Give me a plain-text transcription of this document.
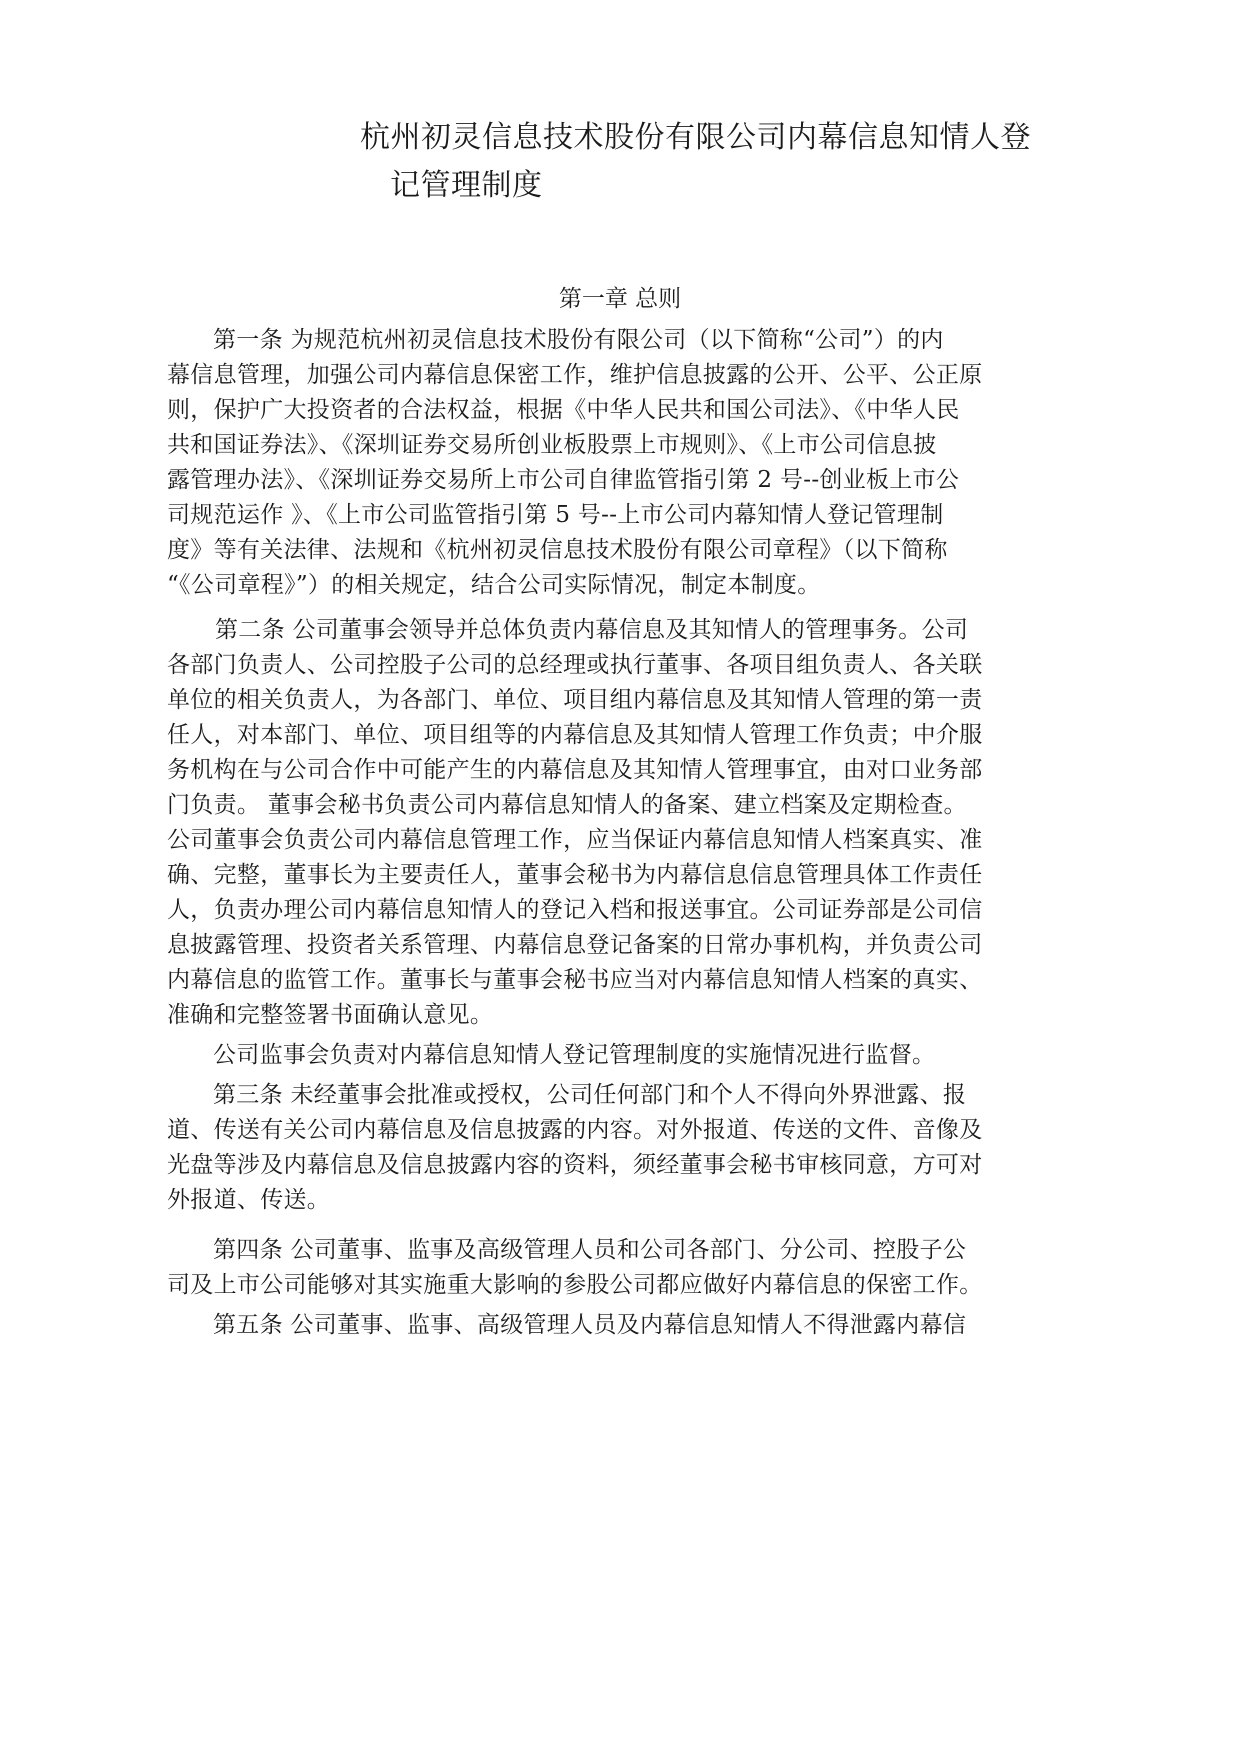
杭州初灵信息技术股份有限公司内幕信息知情人登
记管理制度
第一章 总则
第一条 为规范杭州初灵信息技术股份有限公司（以下简称“公司”）的内
幕信息管理，加强公司内幕信息保密工作，维护信息披露的公开、公平、公正原
则，保护广大投资者的合法权益，根据《中华人民共和国公司法》、《中华人民
共和国证券法》、《深圳证券交易所创业板股票上市规则》、《上市公司信息披
露管理办法》、《深圳证券交易所上市公司自律监管指引第 2 号--创业板上市公
司规范运作 》、《上市公司监管指引第 5 号--上市公司内幕知情人登记管理制
度》等有关法律、法规和《杭州初灵信息技术股份有限公司章程》（以下简称
“《公司章程》”）的相关规定，结合公司实际情况，制定本制度。
第二条 公司董事会领导并总体负责内幕信息及其知情人的管理事务。公司
各部门负责人、公司控股子公司的总经理或执行董事、各项目组负责人、各关联
单位的相关负责人，为各部门、单位、项目组内幕信息及其知情人管理的第一责
任人，对本部门、单位、项目组等的内幕信息及其知情人管理工作负责；中介服
务机构在与公司合作中可能产生的内幕信息及其知情人管理事宜，由对口业务部
门负责。 董事会秘书负责公司内幕信息知情人的备案、建立档案及定期检查。
公司董事会负责公司内幕信息管理工作，应当保证内幕信息知情人档案真实、准
确、完整，董事长为主要责任人，董事会秘书为内幕信息信息管理具体工作责任
人，负责办理公司内幕信息知情人的登记入档和报送事宜。公司证券部是公司信
息披露管理、投资者关系管理、内幕信息登记备案的日常办事机构，并负责公司
内幕信息的监管工作。董事长与董事会秘书应当对内幕信息知情人档案的真实、
准确和完整签署书面确认意见。
公司监事会负责对内幕信息知情人登记管理制度的实施情况进行监督。
第三条 未经董事会批准或授权，公司任何部门和个人不得向外界泄露、报
道、传送有关公司内幕信息及信息披露的内容。对外报道、传送的文件、音像及
光盘等涉及内幕信息及信息披露内容的资料，须经董事会秘书审核同意，方可对
外报道、传送。
第四条 公司董事、监事及高级管理人员和公司各部门、分公司、控股子公
司及上市公司能够对其实施重大影响的参股公司都应做好内幕信息的保密工作。
第五条 公司董事、监事、高级管理人员及内幕信息知情人不得泄露内幕信
